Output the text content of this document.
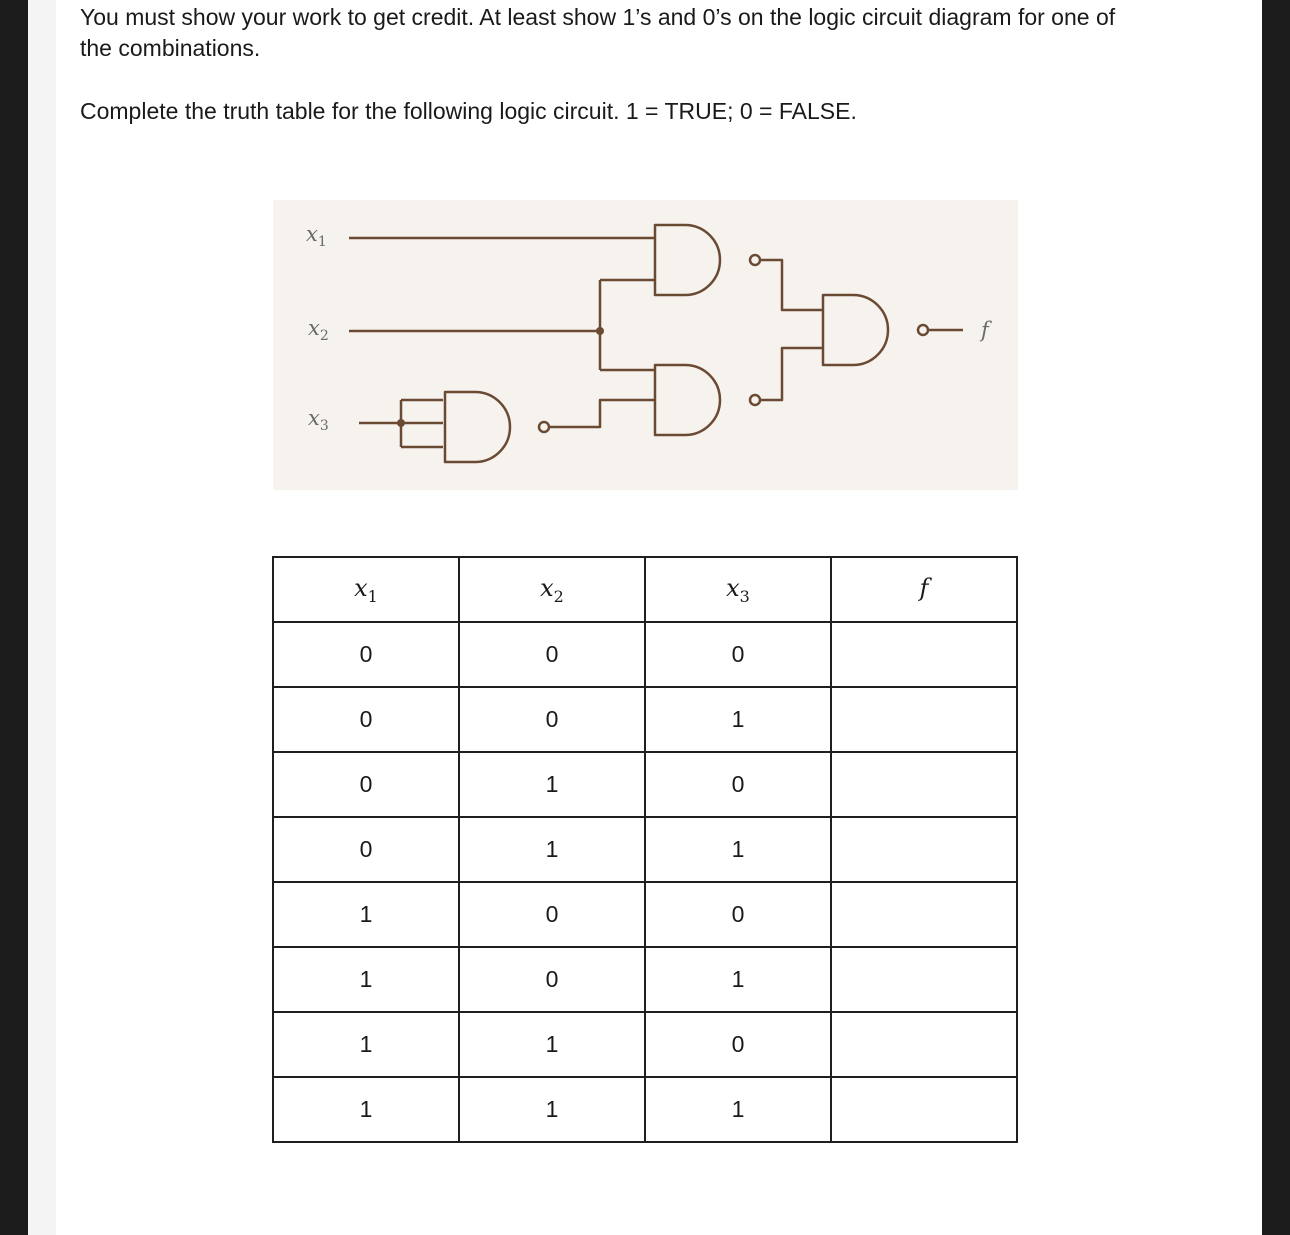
You must show your work to get credit. At least show 1’s and 0’s on the logic circuit diagram for one of

the combinations.

Complete the truth table for the following logic circuit. 1 = TRUE; 0 = FALSE.

$x_1$
$x_2$
$x_3$
f
$x_1$	$x_2$	$x_3$	f
0	0	0	
0	0	1	
0	1	0	
0	1	1	
1	0	0	
1	0	1	
1	1	0	
1	1	1	
